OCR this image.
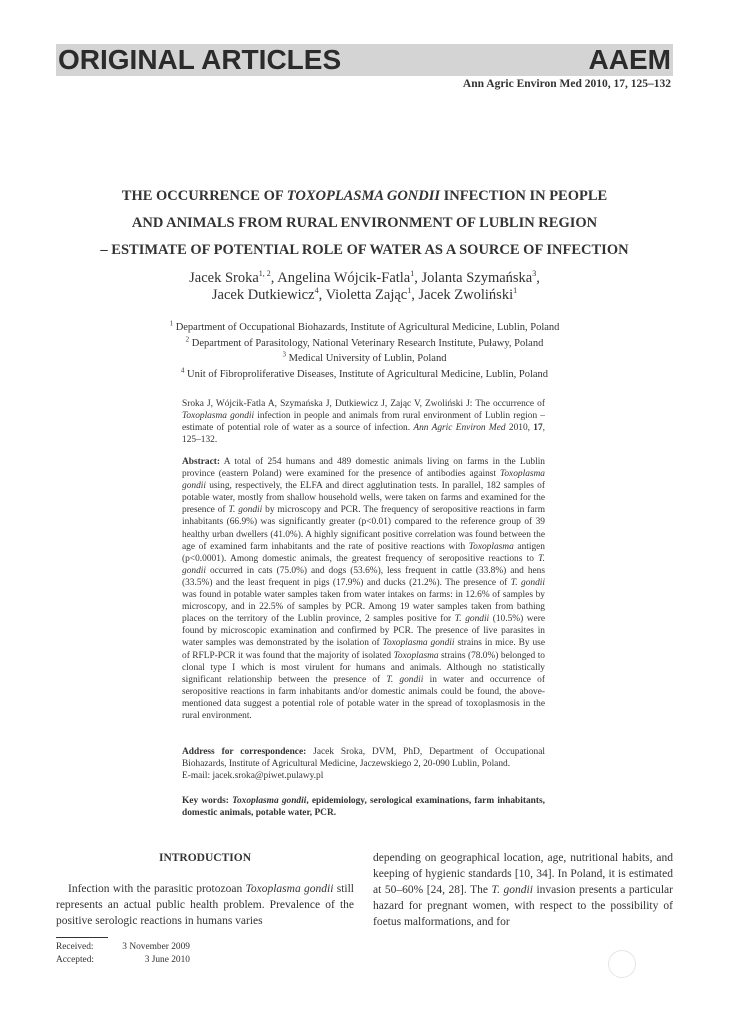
ORIGINAL ARTICLES	AAEM
Ann Agric Environ Med 2010, 17, 125–132
THE OCCURRENCE OF TOXOPLASMA GONDII INFECTION IN PEOPLE
AND ANIMALS FROM RURAL ENVIRONMENT OF LUBLIN REGION
– ESTIMATE OF POTENTIAL ROLE OF WATER AS A SOURCE OF INFECTION
Jacek Sroka$^{1, 2}$, Angelina Wójcik-Fatla$^1$, Jolanta Szymańska$^3$,
Jacek Dutkiewicz$^4$, Violetta Zając$^1$, Jacek Zwoliński$^1$
$^1$ Department of Occupational Biohazards, Institute of Agricultural Medicine, Lublin, Poland
$^2$ Department of Parasitology, National Veterinary Research Institute, Puławy, Poland
$^3$ Medical University of Lublin, Poland
$^4$ Unit of Fibroproliferative Diseases, Institute of Agricultural Medicine, Lublin, Poland
Sroka J, Wójcik-Fatla A, Szymańska J, Dutkiewicz J, Zając V, Zwoliński J: The occurrence of Toxoplasma gondii infection in people and animals from rural environment of Lublin region – estimate of potential role of water as a source of infection. Ann Agric Environ Med 2010, 17, 125–132.
Abstract: A total of 254 humans and 489 domestic animals living on farms in the Lublin province (eastern Poland) were examined for the presence of antibodies against Toxoplasma gondii using, respectively, the ELFA and direct agglutination tests. In parallel, 182 samples of potable water, mostly from shallow household wells, were taken on farms and examined for the presence of T. gondii by microscopy and PCR. The frequency of seropositive reactions in farm inhabitants (66.9%) was significantly greater (p<0.01) compared to the reference group of 39 healthy urban dwellers (41.0%). A highly significant positive correlation was found between the age of examined farm inhabitants and the rate of positive reactions with Toxoplasma antigen (p<0.0001). Among domestic animals, the greatest frequency of seropositive reactions to T. gondii occurred in cats (75.0%) and dogs (53.6%), less frequent in cattle (33.8%) and hens (33.5%) and the least frequent in pigs (17.9%) and ducks (21.2%). The presence of T. gondii was found in potable water samples taken from water intakes on farms: in 12.6% of samples by microscopy, and in 22.5% of samples by PCR. Among 19 water samples taken from bathing places on the territory of the Lublin province, 2 samples positive for T. gondii (10.5%) were found by microscopic examination and confirmed by PCR. The presence of live parasites in water samples was demonstrated by the isolation of Toxoplasma gondii strains in mice. By use of RFLP-PCR it was found that the majority of isolated Toxoplasma strains (78.0%) belonged to clonal type I which is most virulent for humans and animals. Although no statistically significant relationship between the presence of T. gondii in water and occurrence of seropositive reactions in farm inhabitants and/or domestic animals could be found, the above-mentioned data suggest a potential role of potable water in the spread of toxoplasmosis in the rural environment.
Address for correspondence: Jacek Sroka, DVM, PhD, Department of Occupational Biohazards, Institute of Agricultural Medicine, Jaczewskiego 2, 20-090 Lublin, Poland.
E-mail: jacek.sroka@piwet.pulawy.pl
Key words: Toxoplasma gondii, epidemiology, serological examinations, farm inhabitants, domestic animals, potable water, PCR.
INTRODUCTION
Infection with the parasitic protozoan Toxoplasma gondii still represents an actual public health problem. Prevalence of the positive serologic reactions in humans varies
depending on geographical location, age, nutritional habits, and keeping of hygienic standards [10, 34]. In Poland, it is estimated at 50–60% [24, 28]. The T. gondii invasion presents a particular hazard for pregnant women, with respect to the possibility of foetus malformations, and for
Received:	3 November 2009
Accepted:	3 June 2010
